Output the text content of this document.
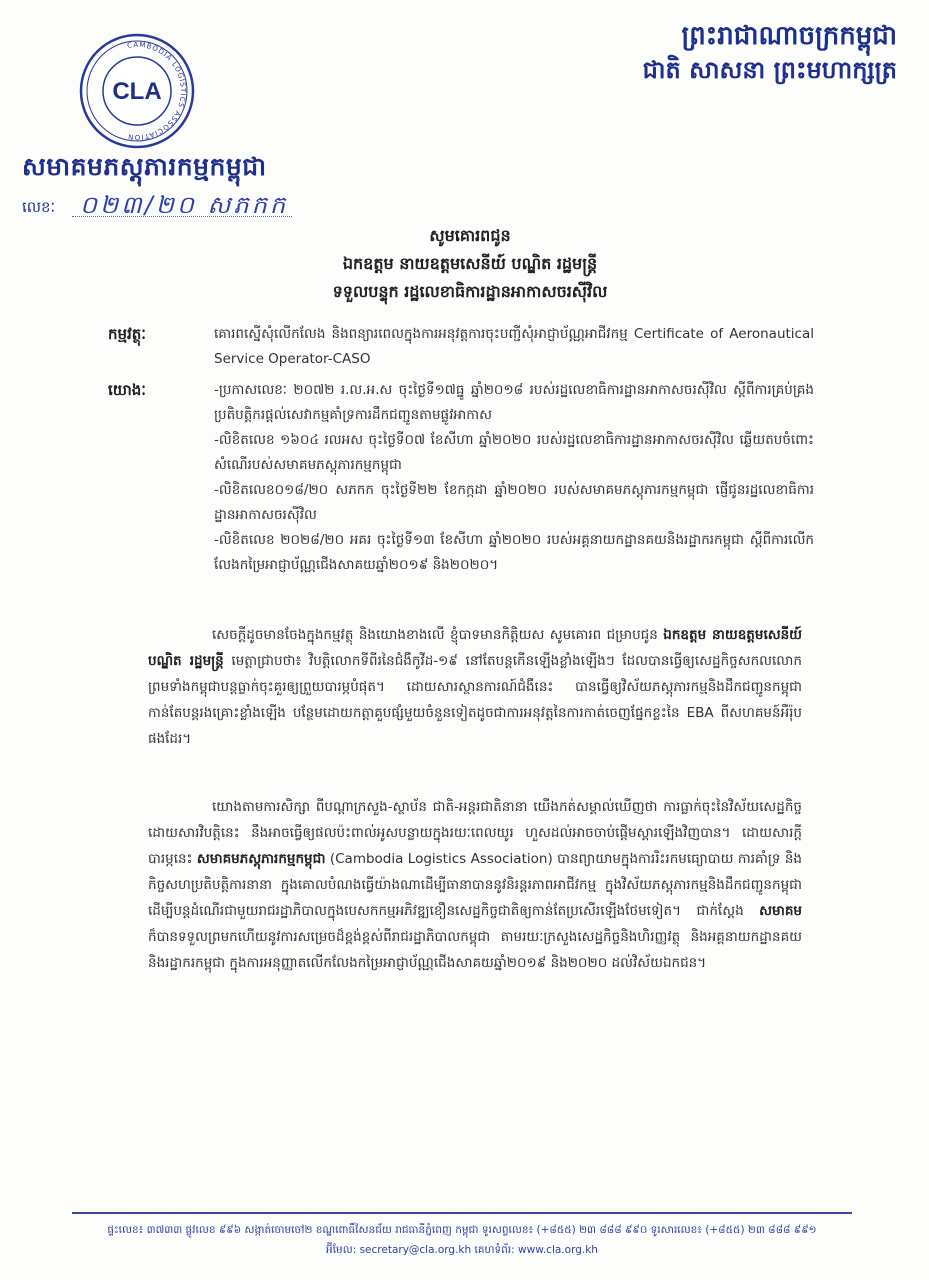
CAMBODIA LOGISTICS ASSOCIATION
CLA
សមាគមភស្តុភារកម្មកម្ពុជា
លេខៈ ០២៣/២០ សភកក
ព្រះរាជាណាចក្រកម្ពុជា
ជាតិ សាសនា ព្រះមហាក្សត្រ
សូមគោរពជូន
ឯកឧត្តម នាយឧត្តមសេនីយ៍ បណ្ឌិត រដ្ឋមន្ត្រី
ទទួលបន្ទុក រដ្ឋលេខាធិការដ្ឋានអាកាសចរស៊ីវិល
កម្មវត្ថុៈ	គោរពស្នើសុំលើកលែង និងពន្យារពេលក្នុងការអនុវត្តការចុះបញ្ជីសុំអាជ្ញាប័ណ្ណអាជីវកម្ម Certificate of Aeronautical Service Operator-CASO
យោងៈ	-ប្រកាសលេខៈ ២០៧២ រ.ល.អ.ស ចុះថ្ងៃទី១៧ធ្នូ ឆ្នាំ២០១៨ របស់រដ្ឋលេខាធិការដ្ឋានអាកាសចរស៊ីវិល ស្ដីពីការគ្រប់គ្រងប្រតិបត្តិករផ្ដល់សេវាកម្មគាំទ្រការដឹកជញ្ជូនតាមផ្លូវអាកាស

-លិខិតលេខ ១៦០៤ រលអស ចុះថ្ងៃទី០៧ ខែសីហា ឆ្នាំ២០២០ របស់រដ្ឋលេខាធិការដ្ឋានអាកាសចរស៊ីវិល ឆ្លើយតបចំពោះសំណើរបស់សមាគមភស្តុភារកម្មកម្ពុជា

-លិខិតលេខ០១៨/២០ សភកក ចុះថ្ងៃទី២២ ខែកក្កដា ឆ្នាំ២០២០ របស់សមាគមភស្តុភារកម្មកម្ពុជា ផ្ញើជូនរដ្ឋលេខាធិការដ្ឋានអាកាសចរស៊ីវិល

-លិខិតលេខ ២០២៨/២០ អគរ ចុះថ្ងៃទី១៣ ខែសីហា ឆ្នាំ២០២០ របស់អគ្គនាយកដ្ឋានគយនិងរដ្ឋាករកម្ពុជា ស្ដីពីការលើកលែងកម្រៃអាជ្ញាប័ណ្ណជើងសាគយឆ្នាំ២០១៩ និង២០២០។

សេចក្ដីដូចមានចែងក្នុងកម្មវត្ថុ និងយោងខាងលើ ខ្ញុំបាទមានកិត្តិយស សូមគោរព ជម្រាបជូន ឯកឧត្តម នាយឧត្តមសេនីយ៍ បណ្ឌិត រដ្ឋមន្ត្រី មេត្តាជ្រាបថា៖ វិបត្តិលោកទីពីរនៃជំងឺកូវីដ-១៩ នៅតែបន្តកើនឡើងខ្លាំងឡើងៗ ដែលបានធ្វើឲ្យសេដ្ឋកិច្ចសកលលោក ព្រមទាំងកម្ពុជាបន្តធ្លាក់ចុះគួរឲ្យព្រួយបារម្ភបំផុត។ ដោយសារស្ថានការណ៍ជំងឺនេះ បានធ្វើឲ្យវិស័យភស្តុភារកម្មនិងដឹកជញ្ជូនកម្ពុជា កាន់តែបន្តរងគ្រោះខ្លាំងឡើង បន្ថែមដោយកត្តាគួបផ្សំមួយចំនួនទៀតដូចជាការអនុវត្តនៃការកាត់ចេញផ្នែកខ្លះនៃ EBA ពីសហគមន៍អឺរ៉ុបផងដែរ។
យោងតាមការសិក្សា ពីបណ្ដាក្រសួង-ស្ថាប័ន ជាតិ-អន្តរជាតិនានា យើងកត់សម្គាល់ឃើញថា ការធ្លាក់ចុះនៃវិស័យសេដ្ឋកិច្ចដោយសារវិបត្តិនេះ នឹងអាចធ្វើឲ្យផលប៉ះពាល់អូសបន្លាយក្នុងរយៈពេលយូរ ហួសដល់អាចចាប់ផ្ដើមស្ដារឡើងវិញបាន។ ដោយសារក្ដីបារម្ភនេះ សមាគមភស្តុភារកម្មកម្ពុជា (Cambodia Logistics Association) បានព្យាយាមក្នុងការរិះរកមធ្យោបាយ ការគាំទ្រ និងកិច្ចសហប្រតិបត្តិការនានា ក្នុងគោលបំណងធ្វើយ៉ាងណាដើម្បីធានាបាននូវនិរន្តរភាពអាជីវកម្ម ក្នុងវិស័យភស្តុភារកម្មនិងដឹកជញ្ជូនកម្ពុជា ដើម្បីបន្តដំណើរជាមួយរាជរដ្ឋាភិបាលក្នុងបេសកកម្មអភិវឌ្ឍខឿនសេដ្ឋកិច្ចជាតិឲ្យកាន់តែប្រសើរឡើងថែមទៀត។ ជាក់ស្ដែង សមាគម ក៏បានទទួលព្រមកហើយនូវការសម្រេចដ៏ខ្ពង់ខ្ពស់ពីរាជរដ្ឋាភិបាលកម្ពុជា តាមរយៈក្រសួងសេដ្ឋកិច្ចនិងហិរញ្ញវត្ថុ និងអគ្គនាយកដ្ឋានគយនិងរដ្ឋាករកម្ពុជា ក្នុងការអនុញ្ញាតលើកលែងកម្រៃអាជ្ញាប័ណ្ណជើងសាគយឆ្នាំ២០១៩ និង២០២០ ដល់វិស័យឯកជន។
ផ្ទះលេខ៖ ៣៧៣៣ ផ្លូវលេខ ៩៩៦ សង្កាត់ចោមចៅ២ ខណ្ឌពោធិ៍សែនជ័យ រាជធានីភ្នំពេញ កម្ពុជា ទូរសព្ទលេខ៖ (+៨៥៥) ២៣ ៨៨៨ ៩៩០ ទូរសារលេខ៖ (+៨៥៥) ២៣ ៨៨៨ ៩៩១
អ៊ីមែល: secretary@cla.org.kh គេហទំព័រ: www.cla.org.kh
